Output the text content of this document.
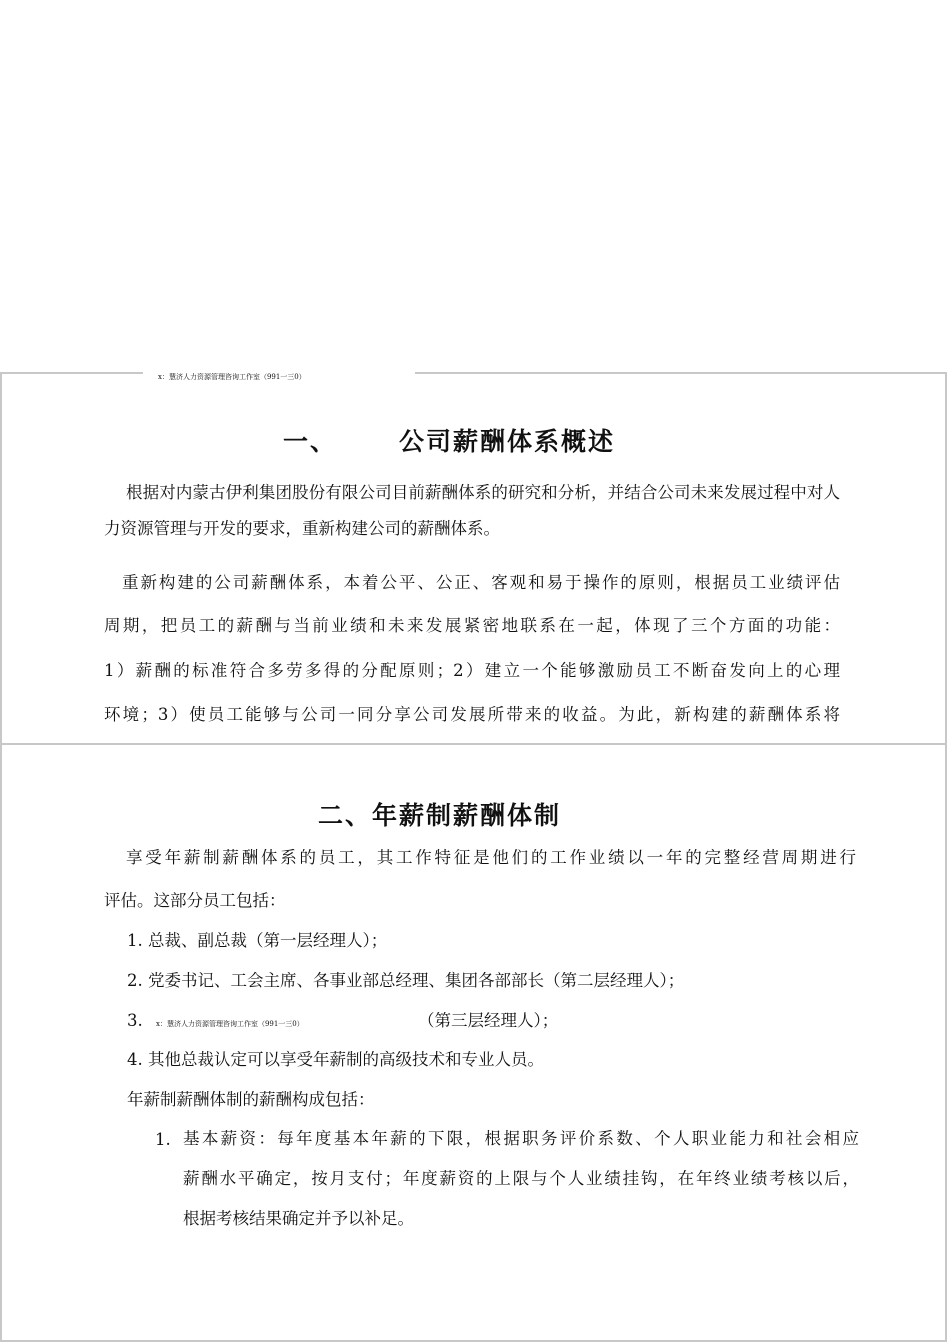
x：慧济人力资源管理咨询工作室（991一三0）
一、 公司薪酬体系概述

根据对内蒙古伊利集团股份有限公司目前薪酬体系的研究和分析，并结合公司未来发展过程中对人力资源管理与开发的要求，重新构建公司的薪酬体系。

重新构建的公司薪酬体系，本着公平、公正、客观和易于操作的原则，根据员工业绩评估
周期，把员工的薪酬与当前业绩和未来发展紧密地联系在一起，体现了三个方面的功能：
1）薪酬的标准符合多劳多得的分配原则；2）建立一个能够激励员工不断奋发向上的心理
环境；3）使员工能够与公司一同分享公司发展所带来的收益。为此，新构建的薪酬体系将
二、年薪制薪酬体制
享受年薪制薪酬体系的员工，其工作特征是他们的工作业绩以一年的完整经营周期进行
评估。这部分员工包括：
1. 总裁、副总裁（第一层经理人）；
2. 党委书记、工会主席、各事业部总经理、集团各部部长（第二层经理人）；
3.	（第三层经理人）；
x：慧济人力资源管理咨询工作室（991一三0）
4. 其他总裁认定可以享受年薪制的高级技术和专业人员。
年薪制薪酬体制的薪酬构成包括：
1. 基本薪资：每年度基本年薪的下限，根据职务评价系数、个人职业能力和社会相应
薪酬水平确定，按月支付；年度薪资的上限与个人业绩挂钩，在年终业绩考核以后，
根据考核结果确定并予以补足。
